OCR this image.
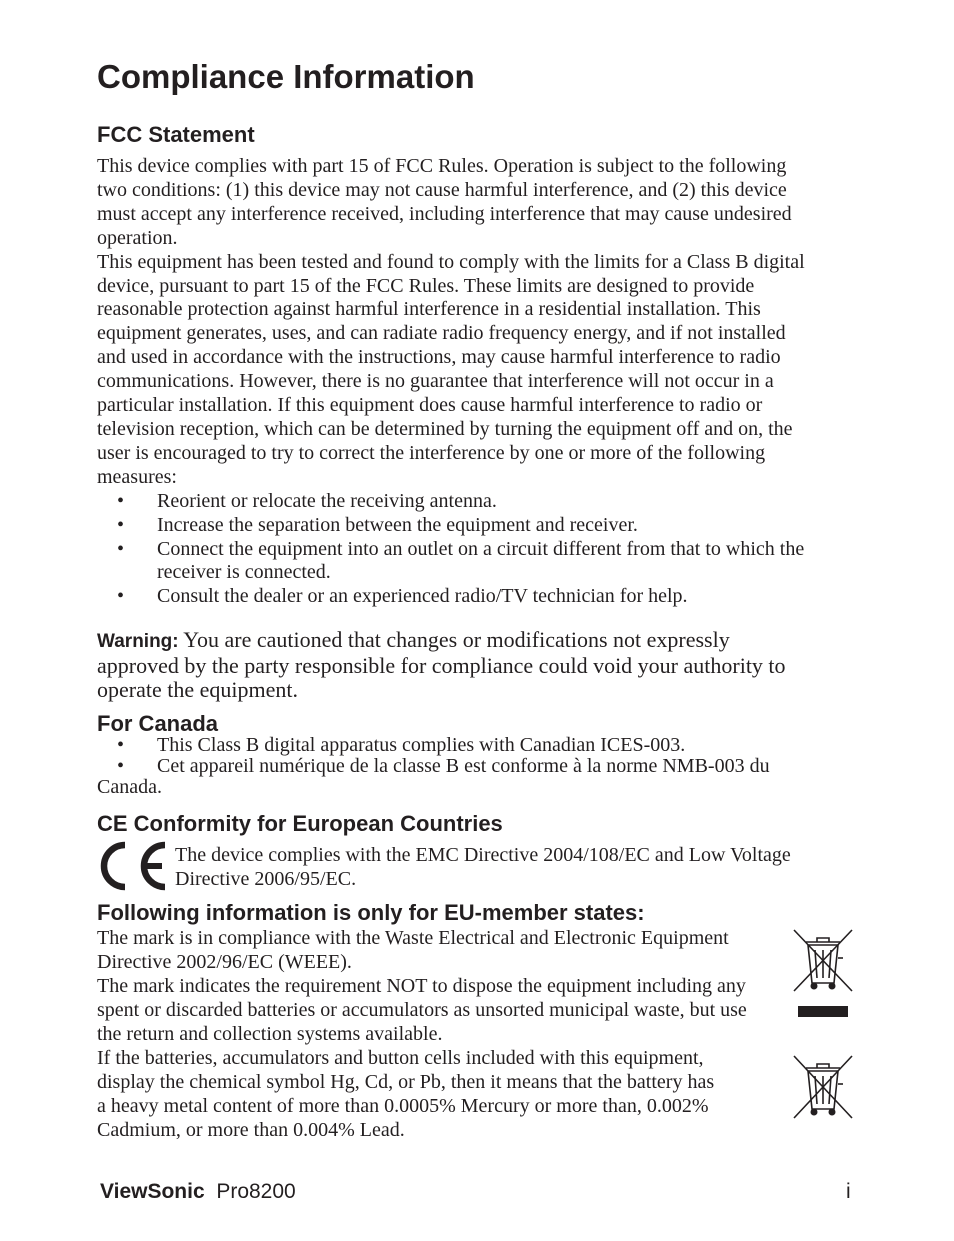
Compliance Information
FCC Statement

This device complies with part 15 of FCC Rules. Operation is subject to the following
two conditions: (1) this device may not cause harmful interference, and (2) this device
must accept any interference received, including interference that may cause undesired
operation.

This equipment has been tested and found to comply with the limits for a Class B digital
device, pursuant to part 15 of the FCC Rules. These limits are designed to provide
reasonable protection against harmful interference in a residential installation. This
equipment generates, uses, and can radiate radio frequency energy, and if not installed
and used in accordance with the instructions, may cause harmful interference to radio
communications. However, there is no guarantee that interference will not occur in a
particular installation. If this equipment does cause harmful interference to radio or
television reception, which can be determined by turning the equipment off and on, the
user is encouraged to try to correct the interference by one or more of the following
measures:

• Reorient or relocate the receiving antenna.
• Increase the separation between the equipment and receiver.
• Connect the equipment into an outlet on a circuit different from that to which the
receiver is connected.
• Consult the dealer or an experienced radio/TV technician for help.
Warning: You are cautioned that changes or modifications not expressly
approved by the party responsible for compliance could void your authority to
operate the equipment.
For Canada
• This Class B digital apparatus complies with Canadian ICES-003.
• Cet appareil numérique de la classe B est conforme à la norme NMB-003 du
Canada.
CE Conformity for European Countries
The device complies with the EMC Directive 2004/108/EC and Low Voltage
Directive 2006/95/EC.
Following information is only for EU-member states:
The mark is in compliance with the Waste Electrical and Electronic Equipment
Directive 2002/96/EC (WEEE).
The mark indicates the requirement NOT to dispose the equipment including any
spent or discarded batteries or accumulators as unsorted municipal waste, but use
the return and collection systems available.
If the batteries, accumulators and button cells included with this equipment,
display the chemical symbol Hg, Cd, or Pb, then it means that the battery has
a heavy metal content of more than 0.0005% Mercury or more than, 0.002%
Cadmium, or more than 0.004% Lead.
ViewSonic Pro8200	i
